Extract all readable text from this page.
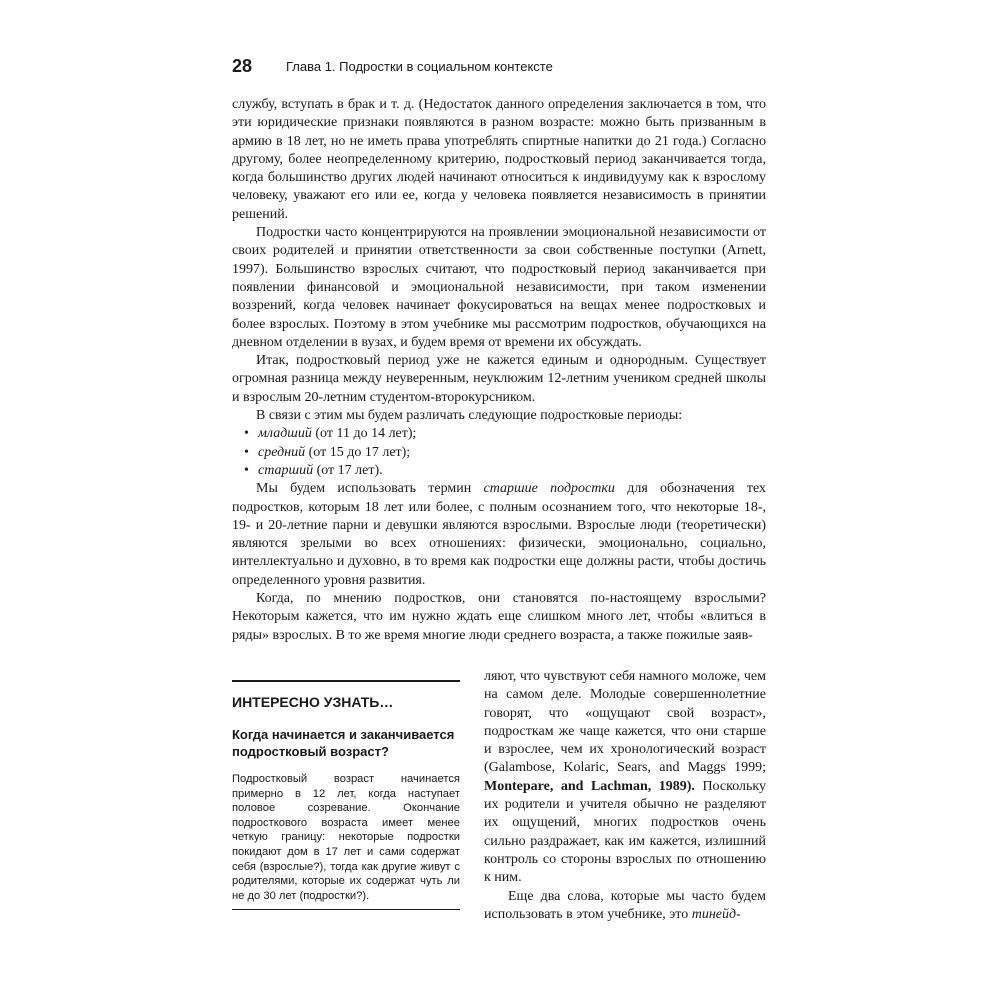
28	Глава 1. Подростки в социальном контексте

службу, вступать в брак и т. д. (Недостаток данного определения заключается в том, что эти юридические признаки появляются в разном возрасте: можно быть призванным в армию в 18 лет, но не иметь права употреблять спиртные напитки до 21 года.) Согласно другому, более неопределенному критерию, подростковый период заканчивается тогда, когда большинство других людей начинают относиться к индивидууму как к взрослому человеку, уважают его или ее, когда у человека появляется независимость в принятии решений.

Подростки часто концентрируются на проявлении эмоциональной независимости от своих родителей и принятии ответственности за свои собственные поступки (Arnett, 1997). Большинство взрослых считают, что подростковый период заканчивается при появлении финансовой и эмоциональной независимости, при таком изменении воззрений, когда человек начинает фокусироваться на вещах менее подростковых и более взрослых. Поэтому в этом учебнике мы рассмотрим подростков, обучающихся на дневном отделении в вузах, и будем время от времени их обсуждать.

Итак, подростковый период уже не кажется единым и однородным. Существует огромная разница между неуверенным, неуклюжим 12-летним учеником средней школы и взрослым 20-летним студентом-второкурсником.

В связи с этим мы будем различать следующие подростковые периоды:

• младший (от 11 до 14 лет);
• средний (от 15 до 17 лет);
• старший (от 17 лет).

Мы будем использовать термин старшие подростки для обозначения тех подростков, которым 18 лет или более, с полным осознанием того, что некоторые 18-, 19- и 20-летние парни и девушки являются взрослыми. Взрослые люди (теоретически) являются зрелыми во всех отношениях: физически, эмоционально, социально, интеллектуально и духовно, в то время как подростки еще должны расти, чтобы достичь определенного уровня развития.

Когда, по мнению подростков, они становятся по-настоящему взрослыми? Некоторым кажется, что им нужно ждать еще слишком много лет, чтобы «влиться в ряды» взрослых. В то же время многие люди среднего возраста, а также пожилые заяв-

ляют, что чувствуют себя намного моложе, чем на самом деле. Молодые совершеннолетние говорят, что «ощущают свой возраст», подросткам же чаще кажется, что они старше и взрослее, чем их хронологический возраст (Galambose, Kolaric, Sears, and Maggs 1999; Montepare, and Lachman, 1989). Поскольку их родители и учителя обычно не разделяют их ощущений, многих подростков очень сильно раздражает, как им кажется, излишний контроль со стороны взрослых по отношению к ним.

Еще два слова, которые мы часто будем использовать в этом учебнике, это тинейд-

ИНТЕРЕСНО УЗНАТЬ…
Когда начинается и заканчивается подростковый возраст?
Подростковый возраст начинается примерно в 12 лет, когда наступает половое созревание. Окончание подросткового возраста имеет менее четкую границу: некоторые подростки покидают дом в 17 лет и сами содержат себя (взрослые?), тогда как другие живут с родителями, которые их содержат чуть ли не до 30 лет (подростки?).
